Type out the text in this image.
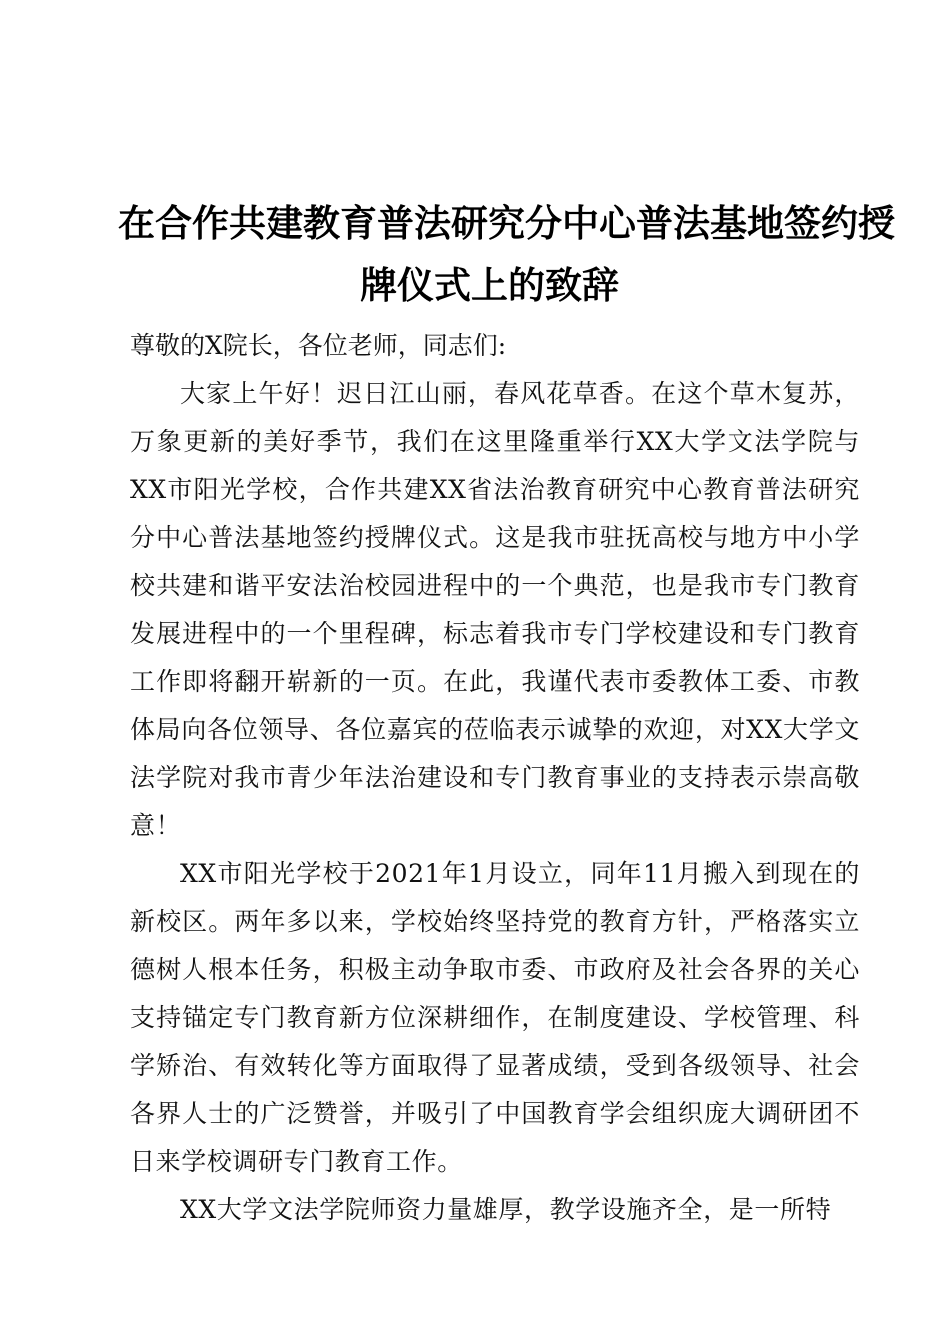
在合作共建教育普法研究分中心普法基地签约授
牌仪式上的致辞

尊敬的X院长，各位老师，同志们:

大家上午好！迟日江山丽，春风花草香。在这个草木复苏，万象更新的美好季节，我们在这里隆重举行XX大学文法学院与XX市阳光学校，合作共建XX省法治教育研究中心教育普法研究分中心普法基地签约授牌仪式。这是我市驻抚高校与地方中小学校共建和谐平安法治校园进程中的一个典范，也是我市专门教育发展进程中的一个里程碑，标志着我市专门学校建设和专门教育工作即将翻开崭新的一页。在此，我谨代表市委教体工委、市教体局向各位领导、各位嘉宾的莅临表示诚挚的欢迎，对XX大学文法学院对我市青少年法治建设和专门教育事业的支持表示崇高敬意！

XX市阳光学校于2021年1月设立，同年11月搬入到现在的新校区。两年多以来，学校始终坚持党的教育方针，严格落实立德树人根本任务，积极主动争取市委、市政府及社会各界的关心支持锚定专门教育新方位深耕细作，在制度建设、学校管理、科学矫治、有效转化等方面取得了显著成绩，受到各级领导、社会各界人士的广泛赞誉，并吸引了中国教育学会组织庞大调研团不日来学校调研专门教育工作。

XX大学文法学院师资力量雄厚，教学设施齐全，是一所特
